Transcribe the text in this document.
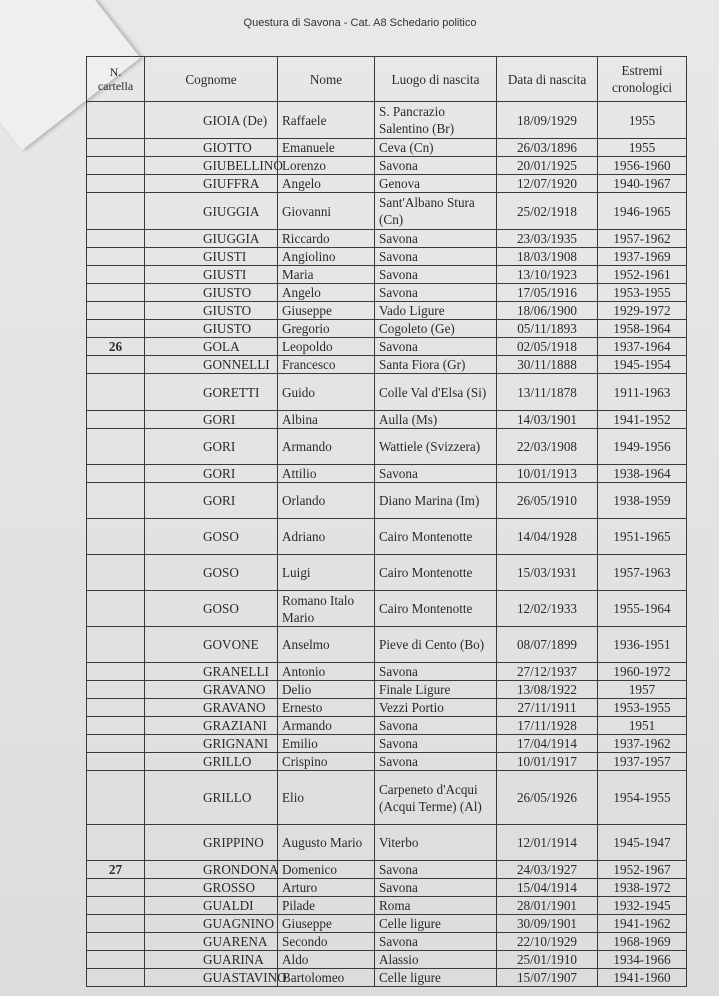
Questura di Savona - Cat. A8 Schedario politico
N. cartella	Cognome	Nome	Luogo di nascita	Data di nascita	Estremi cronologici
	GIOIA (De)	Raffaele	S. Pancrazio Salentino (Br)	18/09/1929	1955
	GIOTTO	Emanuele	Ceva (Cn)	26/03/1896	1955
	GIUBELLINO	Lorenzo	Savona	20/01/1925	1956-1960
	GIUFFRA	Angelo	Genova	12/07/1920	1940-1967
	GIUGGIA	Giovanni	Sant'Albano Stura (Cn)	25/02/1918	1946-1965
	GIUGGIA	Riccardo	Savona	23/03/1935	1957-1962
	GIUSTI	Angiolino	Savona	18/03/1908	1937-1969
	GIUSTI	Maria	Savona	13/10/1923	1952-1961
	GIUSTO	Angelo	Savona	17/05/1916	1953-1955
	GIUSTO	Giuseppe	Vado Ligure	18/06/1900	1929-1972
	GIUSTO	Gregorio	Cogoleto (Ge)	05/11/1893	1958-1964
26	GOLA	Leopoldo	Savona	02/05/1918	1937-1964
	GONNELLI	Francesco	Santa Fiora (Gr)	30/11/1888	1945-1954
	GORETTI	Guido	Colle Val d'Elsa (Si)	13/11/1878	1911-1963
	GORI	Albina	Aulla (Ms)	14/03/1901	1941-1952
	GORI	Armando	Wattiele (Svizzera)	22/03/1908	1949-1956
	GORI	Attilio	Savona	10/01/1913	1938-1964
	GORI	Orlando	Diano Marina (Im)	26/05/1910	1938-1959
	GOSO	Adriano	Cairo Montenotte	14/04/1928	1951-1965
	GOSO	Luigi	Cairo Montenotte	15/03/1931	1957-1963
	GOSO	Romano Italo Mario	Cairo Montenotte	12/02/1933	1955-1964
	GOVONE	Anselmo	Pieve di Cento (Bo)	08/07/1899	1936-1951
	GRANELLI	Antonio	Savona	27/12/1937	1960-1972
	GRAVANO	Delio	Finale Ligure	13/08/1922	1957
	GRAVANO	Ernesto	Vezzi Portio	27/11/1911	1953-1955
	GRAZIANI	Armando	Savona	17/11/1928	1951
	GRIGNANI	Emilio	Savona	17/04/1914	1937-1962
	GRILLO	Crispino	Savona	10/01/1917	1937-1957
	GRILLO	Elio	Carpeneto d'Acqui (Acqui Terme) (Al)	26/05/1926	1954-1955
	GRIPPINO	Augusto Mario	Viterbo	12/01/1914	1945-1947
27	GRONDONA	Domenico	Savona	24/03/1927	1952-1967
	GROSSO	Arturo	Savona	15/04/1914	1938-1972
	GUALDI	Pilade	Roma	28/01/1901	1932-1945
	GUAGNINO	Giuseppe	Celle ligure	30/09/1901	1941-1962
	GUARENA	Secondo	Savona	22/10/1929	1968-1969
	GUARINA	Aldo	Alassio	25/01/1910	1934-1966
	GUASTAVINO	Bartolomeo	Celle ligure	15/07/1907	1941-1960
